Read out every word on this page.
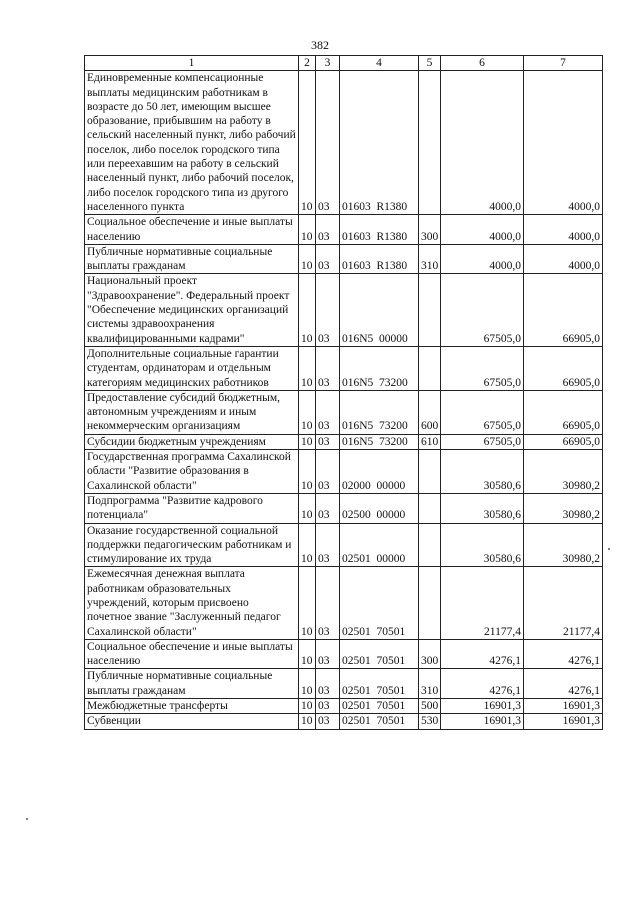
382
1	2	3	4	5	6	7
Единовременные компенсационные выплаты медицинским работникам в возрасте до 50 лет, имеющим высшее образование, прибывшим на работу в сельский населенный пункт, либо рабочий поселок, либо поселок городского типа или переехавшим на работу в сельский населенный пункт, либо рабочий поселок, либо поселок городского типа из другого населенного пункта	10	03	01603  R1380		4000,0	4000,0
Социальное обеспечение и иные выплаты населению	10	03	01603  R1380	300	4000,0	4000,0
Публичные нормативные социальные выплаты гражданам	10	03	01603  R1380	310	4000,0	4000,0
Национальный проект "Здравоохранение". Федеральный проект "Обеспечение медицинских организаций системы здравоохранения квалифицированными кадрами"	10	03	016N5  00000		67505,0	66905,0
Дополнительные социальные гарантии студентам, ординаторам и отдельным категориям медицинских работников	10	03	016N5  73200		67505,0	66905,0
Предоставление субсидий бюджетным, автономным учреждениям и иным некоммерческим организациям	10	03	016N5  73200	600	67505,0	66905,0
Субсидии бюджетным учреждениям	10	03	016N5  73200	610	67505,0	66905,0
Государственная программа Сахалинской области "Развитие образования в Сахалинской области"	10	03	02000  00000		30580,6	30980,2
Подпрограмма "Развитие кадрового потенциала"	10	03	02500  00000		30580,6	30980,2
Оказание государственной социальной поддержки педагогическим работникам и стимулирование их труда	10	03	02501  00000		30580,6	30980,2
Ежемесячная денежная выплата работникам образовательных учреждений, которым присвоено почетное звание "Заслуженный педагог Сахалинской области"	10	03	02501  70501		21177,4	21177,4
Социальное обеспечение и иные выплаты населению	10	03	02501  70501	300	4276,1	4276,1
Публичные нормативные социальные выплаты гражданам	10	03	02501  70501	310	4276,1	4276,1
Межбюджетные трансферты	10	03	02501  70501	500	16901,3	16901,3
Субвенции	10	03	02501  70501	530	16901,3	16901,3
